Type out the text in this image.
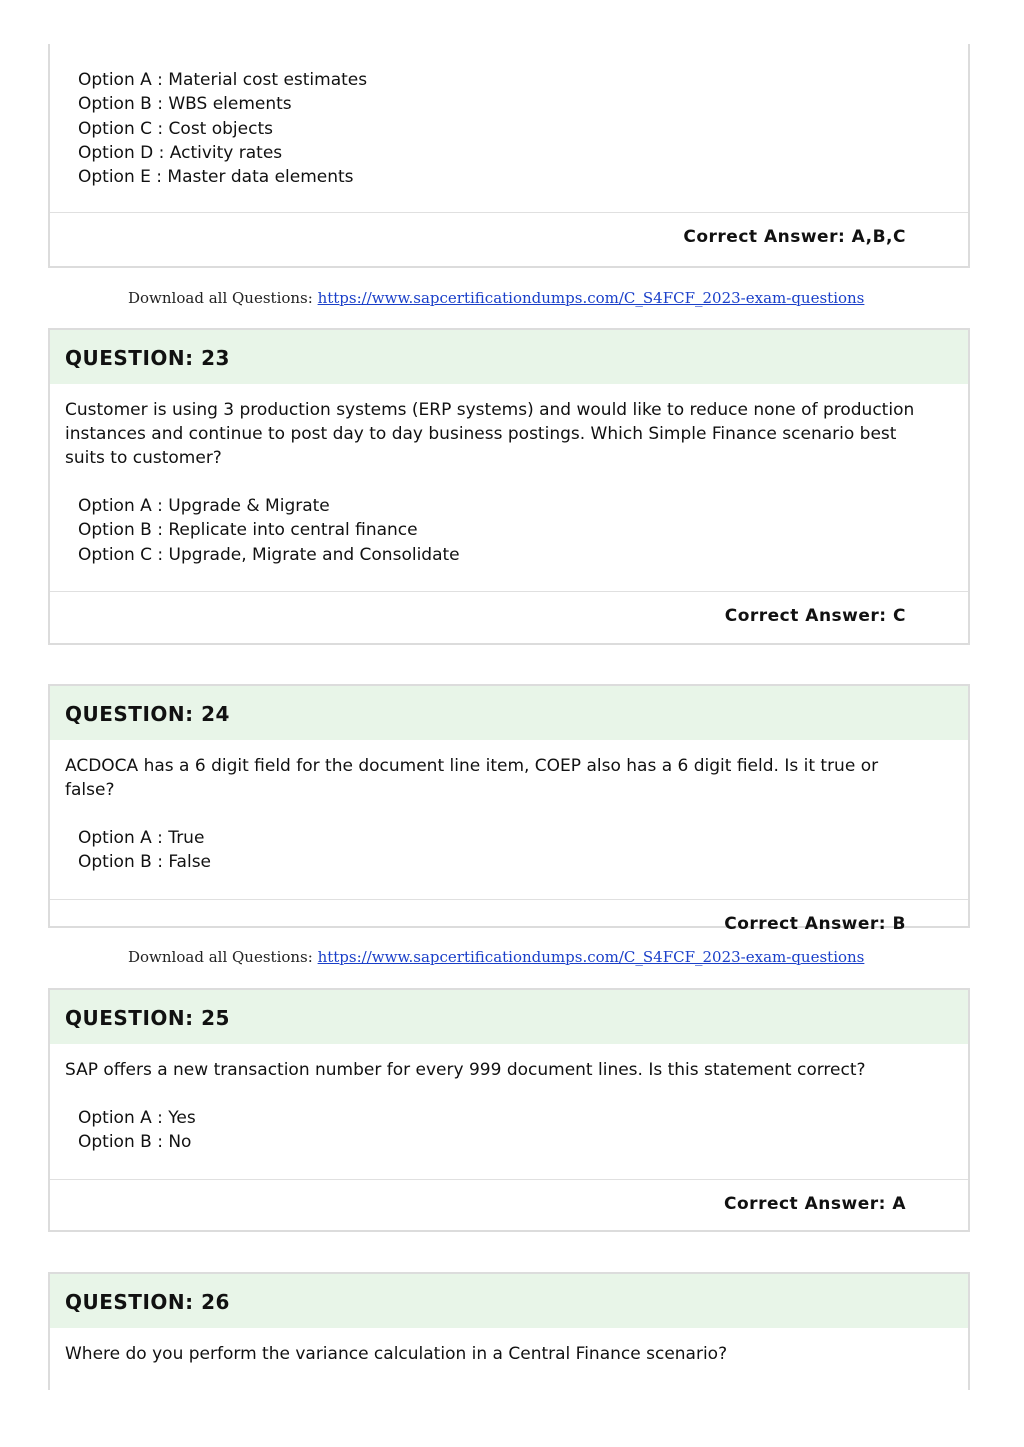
Option A : Material cost estimates
Option B : WBS elements
Option C : Cost objects
Option D : Activity rates
Option E : Master data elements
Correct Answer: A,B,C
Download all Questions: https://www.sapcertificationdumps.com/C_S4FCF_2023-exam-questions
QUESTION: 23
Customer is using 3 production systems (ERP systems) and would like to reduce none of production instances and continue to post day to day business postings. Which Simple Finance scenario best suits to customer?
Option A : Upgrade & Migrate
Option B : Replicate into central finance
Option C : Upgrade, Migrate and Consolidate
Correct Answer: C
QUESTION: 24
ACDOCA has a 6 digit field for the document line item, COEP also has a 6 digit field. Is it true or false?
Option A : True
Option B : False
Correct Answer: B
Download all Questions: https://www.sapcertificationdumps.com/C_S4FCF_2023-exam-questions
QUESTION: 25
SAP offers a new transaction number for every 999 document lines. Is this statement correct?
Option A : Yes
Option B : No
Correct Answer: A
QUESTION: 26
Where do you perform the variance calculation in a Central Finance scenario?
